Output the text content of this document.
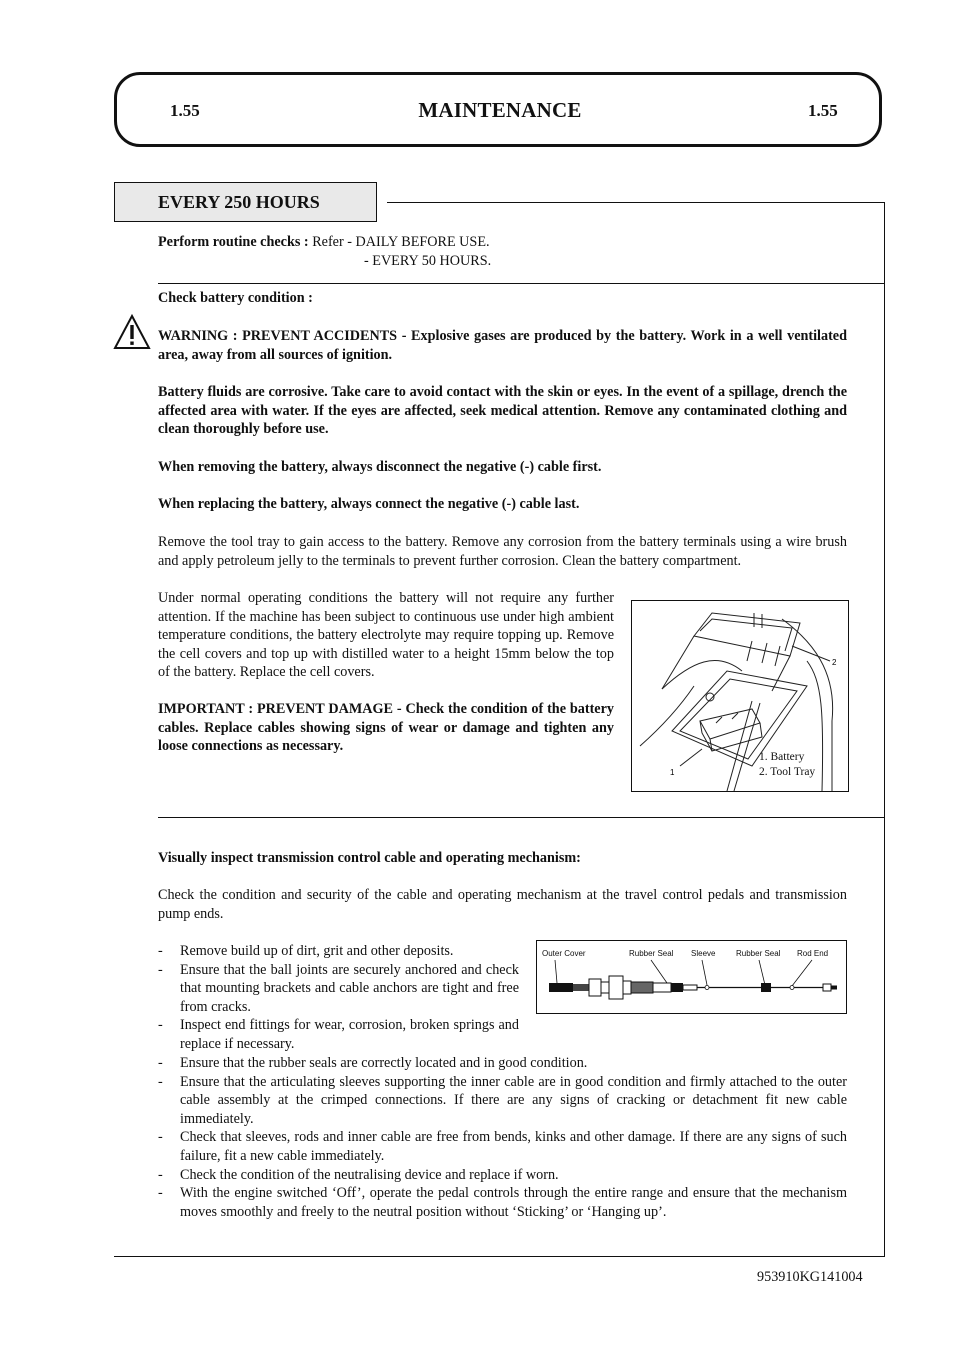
1.55	MAINTENANCE	1.55
EVERY 250 HOURS
Perform routine checks : Refer - DAILY BEFORE USE.
- EVERY 50 HOURS.
Check battery condition :
WARNING : PREVENT ACCIDENTS - Explosive gases are produced by the battery. Work in a well ventilated area, away from all sources of ignition.
Battery fluids are corrosive. Take care to avoid contact with the skin or eyes. In the event of a spillage, drench the affected area with water. If the eyes are affected, seek medical attention. Remove any contaminated clothing and clean thoroughly before use.
When removing the battery, always disconnect the negative (-) cable first.
When replacing the battery, always connect the negative (-) cable last.
Remove the tool tray to gain access to the battery. Remove any corrosion from the battery terminals using a wire brush and apply petroleum jelly to the terminals to prevent further corrosion. Clean the battery compartment.
Under normal operating conditions the battery will not require any further attention. If the machine has been subject to continuous use under high ambient temperature conditions, the battery electrolyte may require topping up. Remove the cell covers and top up with distilled water to a height 15mm below the top of the battery. Replace the cell covers.
IMPORTANT : PREVENT DAMAGE - Check the condition of the battery cables. Replace cables showing signs of wear or damage and tighten any loose connections as necessary.
1
2
1. Battery
2. Tool Tray
Visually inspect transmission control cable and operating mechanism:
Check the condition and security of the cable and operating mechanism at the travel control pedals and transmission pump ends.
- Remove build up of dirt, grit and other deposits.
- Ensure that the ball joints are securely anchored and check that mounting brackets and cable anchors are tight and free from cracks.
- Inspect end fittings for wear, corrosion, broken springs and replace if necessary.
- Ensure that the rubber seals are correctly located and in good condition.
- Ensure that the articulating sleeves supporting the inner cable are in good condition and firmly attached to the outer cable assembly at the crimped connections. If there are any signs of cracking or detachment fit new cable immediately.
- Check that sleeves, rods and inner cable are free from bends, kinks and other damage. If there are any signs of such failure, fit a new cable immediately.
- Check the condition of the neutralising device and replace if worn.
- With the engine switched ‘Off’, operate the pedal controls through the entire range and ensure that the mechanism moves smoothly and freely to the neutral position without ‘Sticking’ or ‘Hanging up’.
Outer Cover	Rubber Seal Sleeve	Rubber Seal Rod End
953910KG141004
